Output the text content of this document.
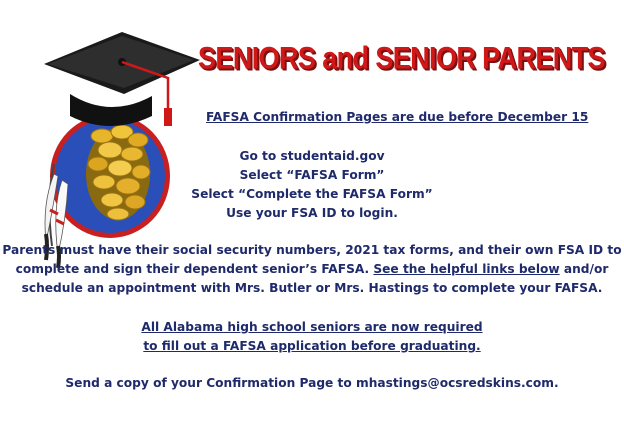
SENIORS and SENIOR PARENTS
FAFSA Confirmation Pages are due before December 15
Go to studentaid.gov
Select “FAFSA Form”
Select “Complete the FAFSA Form”
Use your FSA ID to login.
Parents must have their social security numbers, 2021 tax forms, and their own FSA ID to
complete and sign their dependent senior’s FAFSA. See the helpful links below and/or
schedule an appointment with Mrs. Butler or Mrs. Hastings to complete your FAFSA.
All Alabama high school seniors are now required
to fill out a FAFSA application before graduating.
Send a copy of your Confirmation Page to mhastings@ocsredskins.com.
